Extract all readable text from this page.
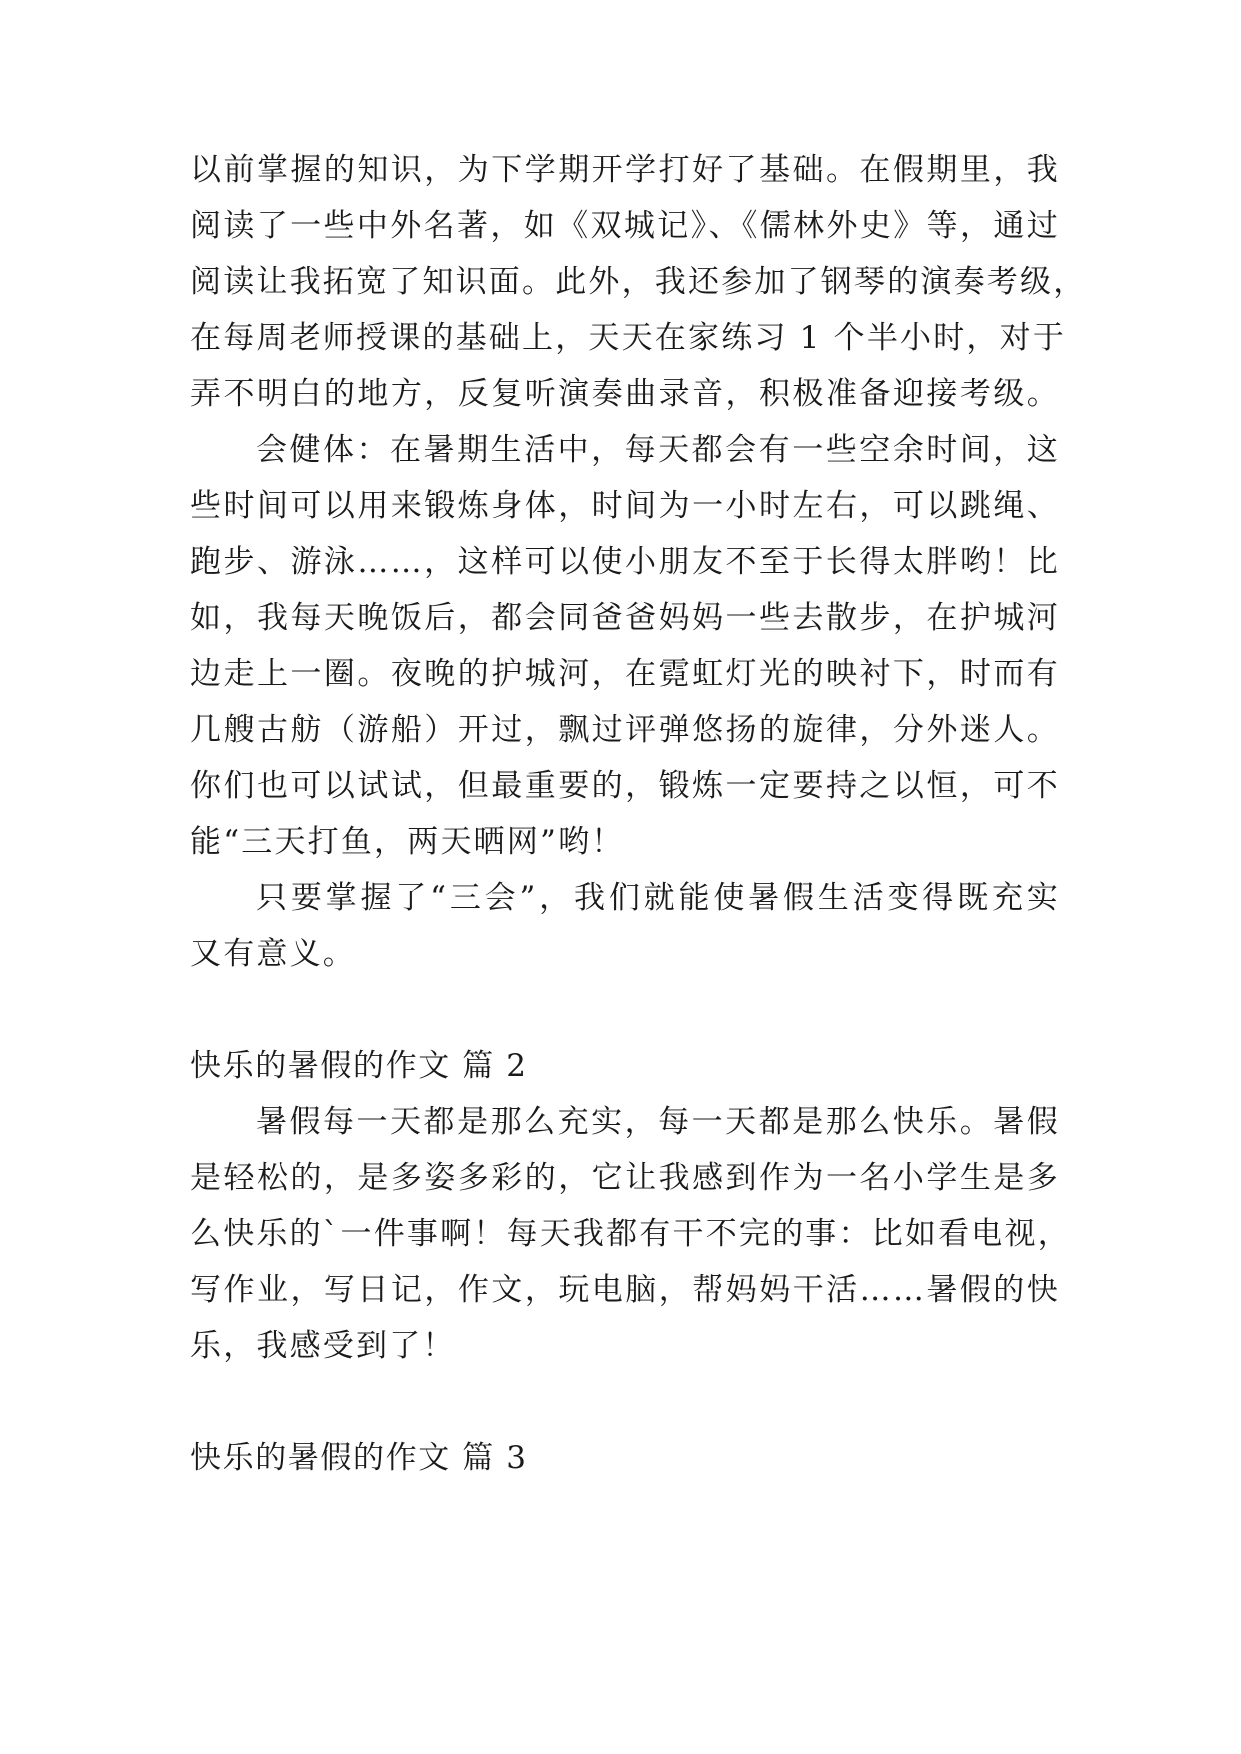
以前掌握的知识，为下学期开学打好了基础。在假期里，我
阅读了一些中外名著，如《双城记》、《儒林外史》等，通过
阅读让我拓宽了知识面。此外，我还参加了钢琴的演奏考级，
在每周老师授课的基础上，天天在家练习 1 个半小时，对于
弄不明白的地方，反复听演奏曲录音，积极准备迎接考级。
会健体：在暑期生活中，每天都会有一些空余时间，这
些时间可以用来锻炼身体，时间为一小时左右，可以跳绳、
跑步、游泳……，这样可以使小朋友不至于长得太胖哟！比
如，我每天晚饭后，都会同爸爸妈妈一些去散步，在护城河
边走上一圈。夜晚的护城河，在霓虹灯光的映衬下，时而有
几艘古舫（游船）开过，飘过评弹悠扬的旋律，分外迷人。
你们也可以试试，但最重要的，锻炼一定要持之以恒，可不
能“三天打鱼，两天晒网”哟！
只要掌握了“三会”，我们就能使暑假生活变得既充实
又有意义。
快乐的暑假的作文 篇 2
暑假每一天都是那么充实，每一天都是那么快乐。暑假
是轻松的，是多姿多彩的，它让我感到作为一名小学生是多
么快乐的`一件事啊！每天我都有干不完的事：比如看电视，
写作业，写日记，作文，玩电脑，帮妈妈干活……暑假的快
乐，我感受到了！
快乐的暑假的作文 篇 3
